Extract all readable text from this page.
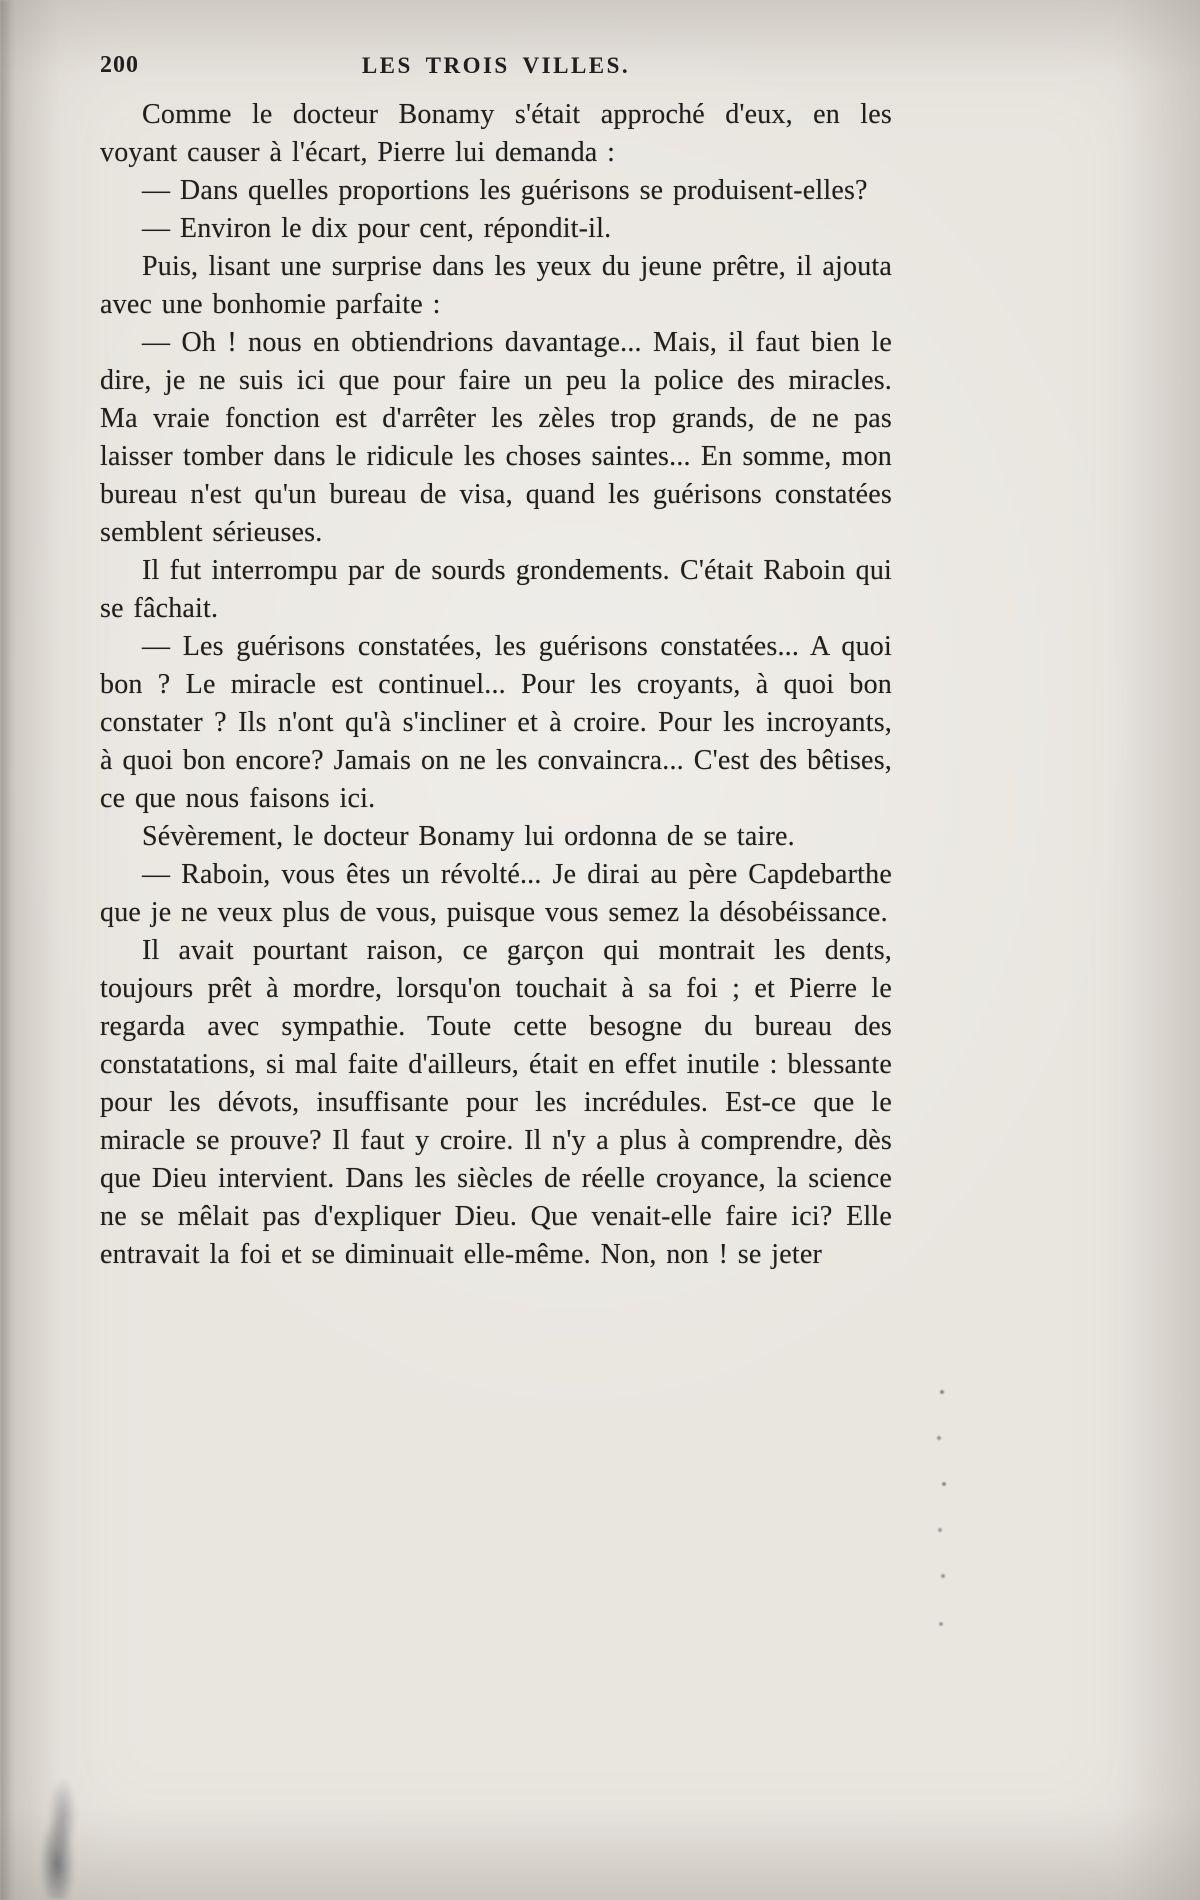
200	LES TROIS VILLES.

Comme le docteur Bonamy s'était approché d'eux, en les voyant causer à l'écart, Pierre lui demanda :

— Dans quelles proportions les guérisons se produisent-elles?

— Environ le dix pour cent, répondit-il.

Puis, lisant une surprise dans les yeux du jeune prêtre, il ajouta avec une bonhomie parfaite :

— Oh ! nous en obtiendrions davantage... Mais, il faut bien le dire, je ne suis ici que pour faire un peu la police des miracles. Ma vraie fonction est d'arrêter les zèles trop grands, de ne pas laisser tomber dans le ridicule les choses saintes... En somme, mon bureau n'est qu'un bureau de visa, quand les guérisons constatées semblent sérieuses.

Il fut interrompu par de sourds grondements. C'était Raboin qui se fâchait.

— Les guérisons constatées, les guérisons constatées... A quoi bon ? Le miracle est continuel... Pour les croyants, à quoi bon constater ? Ils n'ont qu'à s'incliner et à croire. Pour les incroyants, à quoi bon encore? Jamais on ne les convaincra... C'est des bêtises, ce que nous faisons ici.

Sévèrement, le docteur Bonamy lui ordonna de se taire.

— Raboin, vous êtes un révolté... Je dirai au père Capdebarthe que je ne veux plus de vous, puisque vous semez la désobéissance.

Il avait pourtant raison, ce garçon qui montrait les dents, toujours prêt à mordre, lorsqu'on touchait à sa foi ; et Pierre le regarda avec sympathie. Toute cette besogne du bureau des constatations, si mal faite d'ailleurs, était en effet inutile : blessante pour les dévots, insuffisante pour les incrédules. Est-ce que le miracle se prouve? Il faut y croire. Il n'y a plus à comprendre, dès que Dieu intervient. Dans les siècles de réelle croyance, la science ne se mêlait pas d'expliquer Dieu. Que venait-elle faire ici? Elle entravait la foi et se diminuait elle-même. Non, non ! se jeter
